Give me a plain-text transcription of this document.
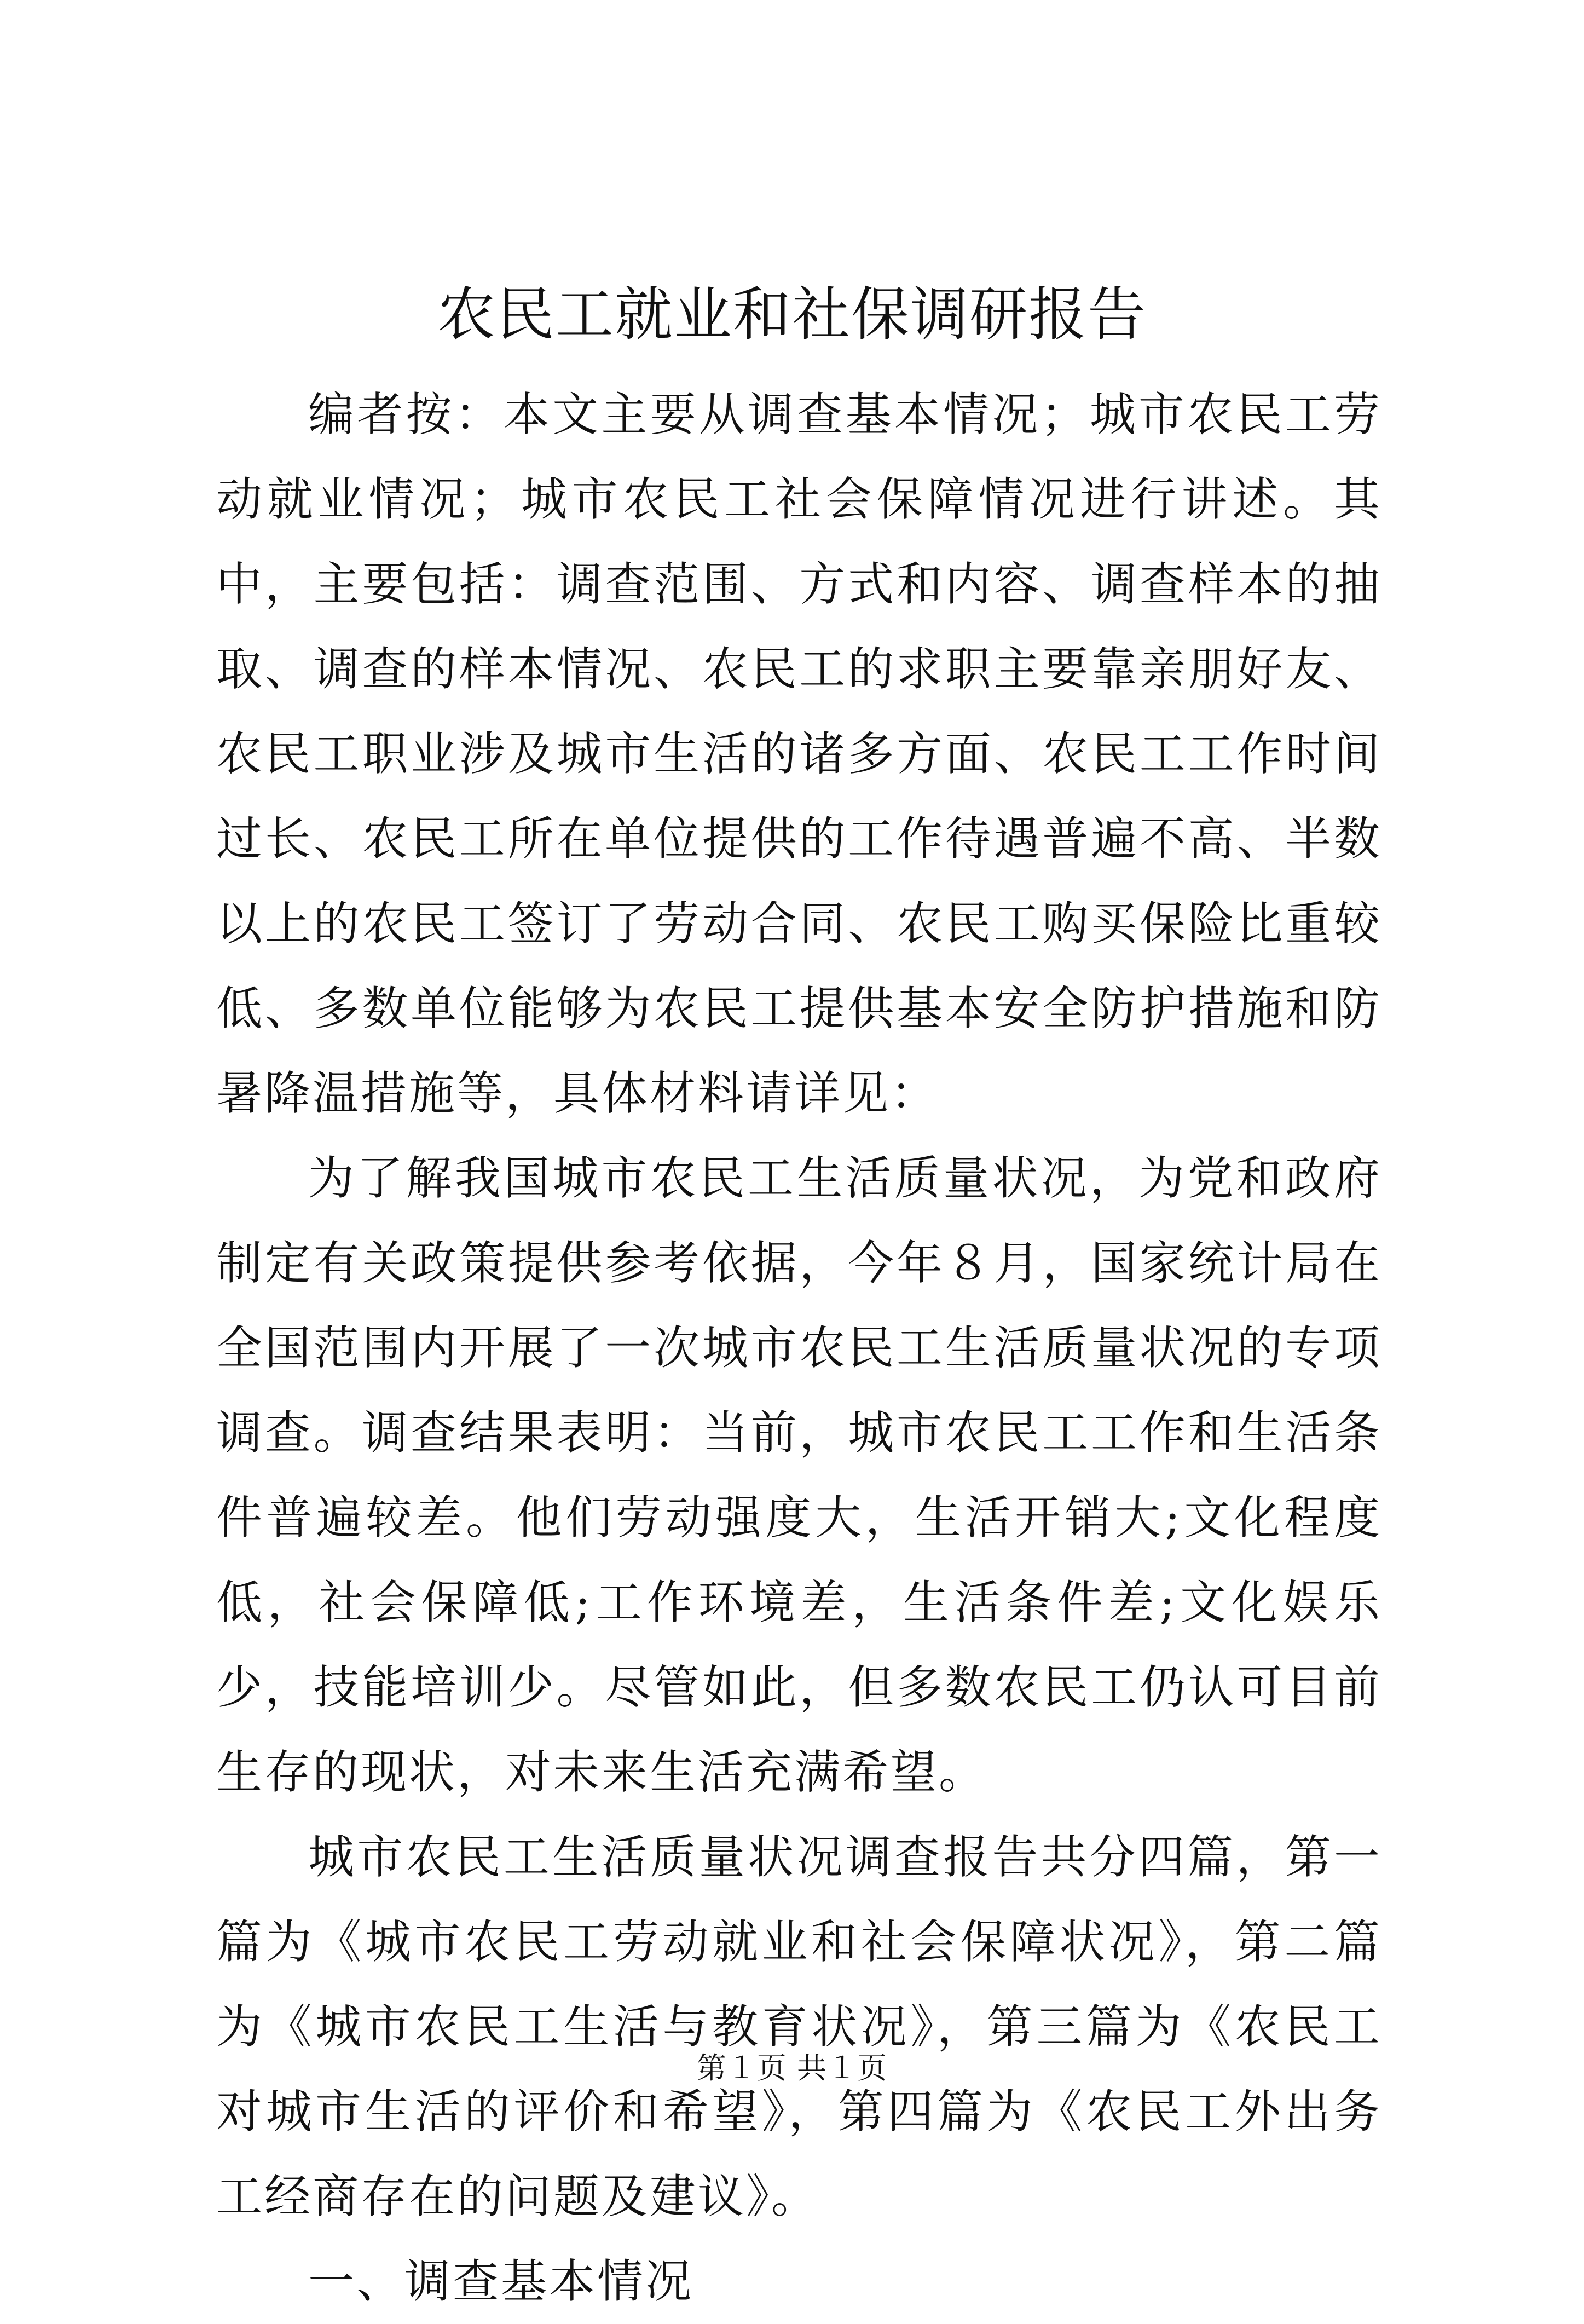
农民工就业和社保调研报告

编者按：本文主要从调查基本情况；城市农民工劳动就业情况；城市农民工社会保障情况进行讲述。其中，主要包括：调查范围、方式和内容、调查样本的抽取、调查的样本情况、农民工的求职主要靠亲朋好友、农民工职业涉及城市生活的诸多方面、农民工工作时间过长、农民工所在单位提供的工作待遇普遍不高、半数以上的农民工签订了劳动合同、农民工购买保险比重较低、多数单位能够为农民工提供基本安全防护措施和防暑降温措施等，具体材料请详见：

为了解我国城市农民工生活质量状况，为党和政府制定有关政策提供参考依据，今年８月，国家统计局在全国范围内开展了一次城市农民工生活质量状况的专项调查。调查结果表明：当前，城市农民工工作和生活条件普遍较差。他们劳动强度大，生活开销大;文化程度低，社会保障低;工作环境差，生活条件差;文化娱乐少，技能培训少。尽管如此，但多数农民工仍认可目前生存的现状，对未来生活充满希望。

城市农民工生活质量状况调查报告共分四篇，第一篇为《城市农民工劳动就业和社会保障状况》，第二篇为《城市农民工生活与教育状况》，第三篇为《农民工对城市生活的评价和希望》，第四篇为《农民工外出务工经商存在的问题及建议》。

一、调查基本情况

第１页 共１页
